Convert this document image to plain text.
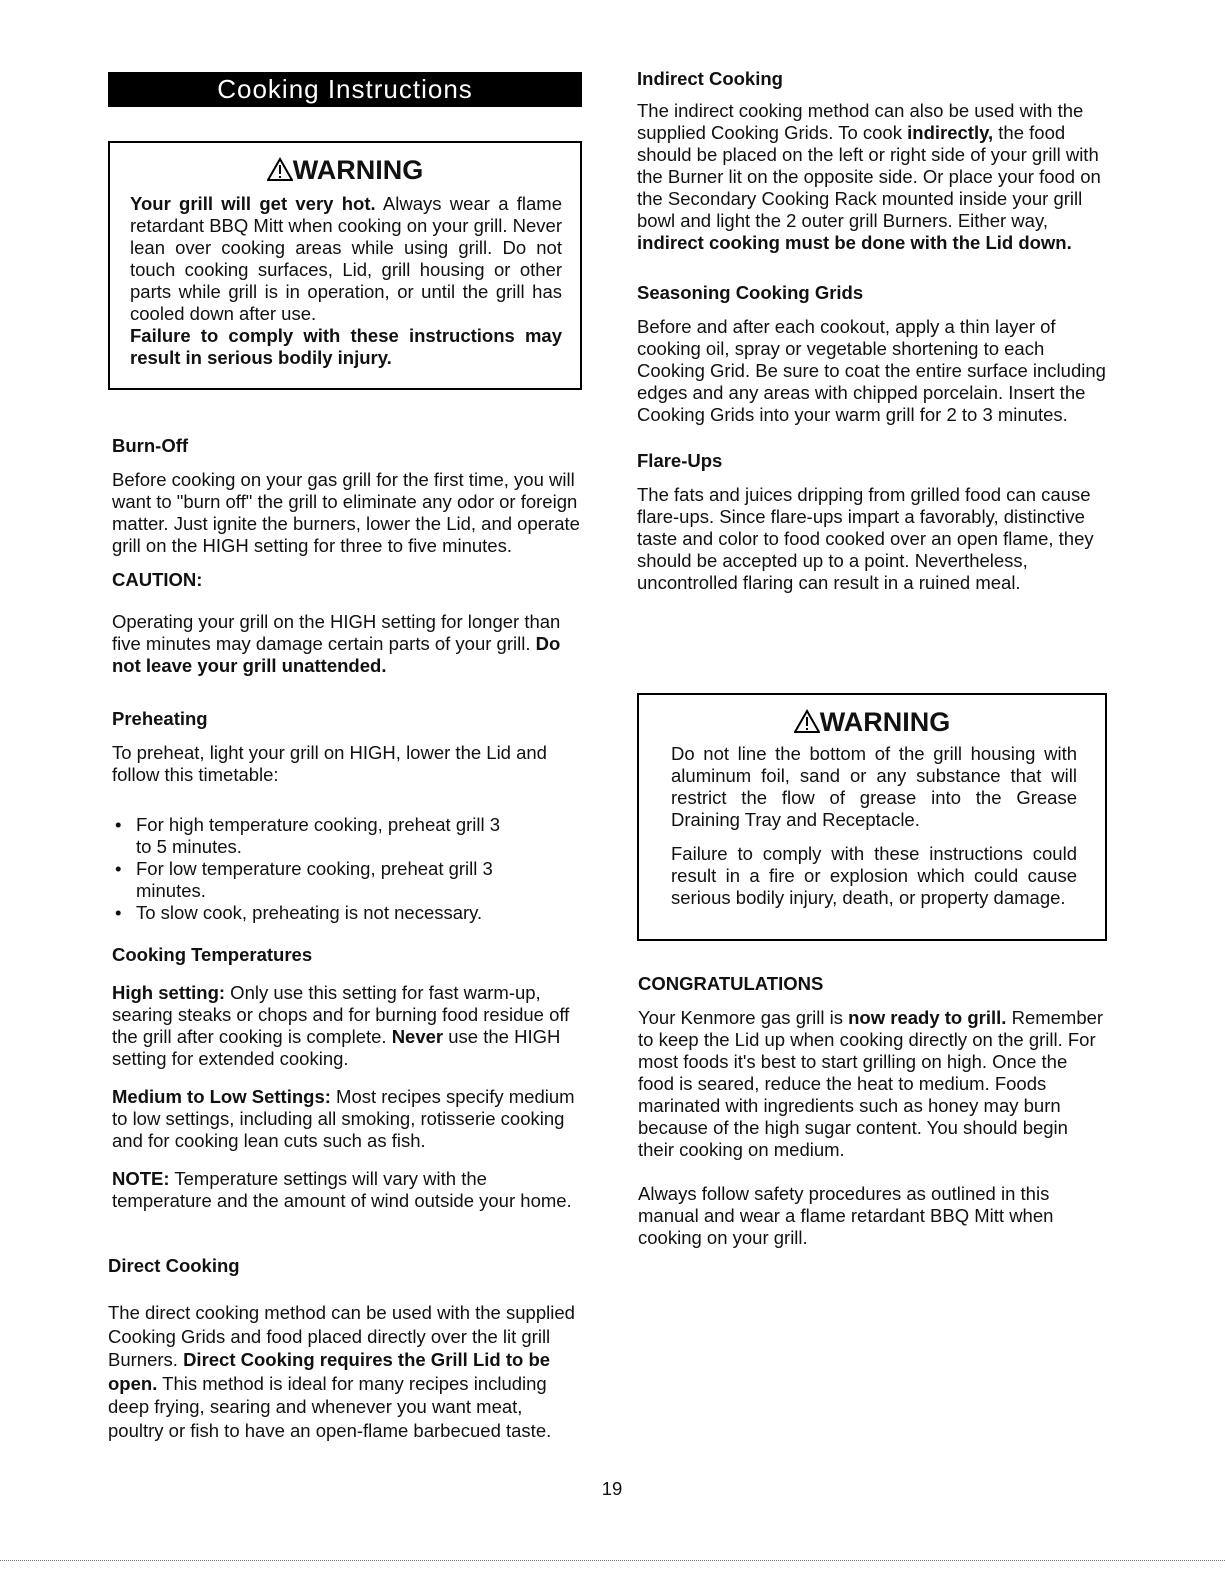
Cooking Instructions
WARNING
Your grill will get very hot. Always wear a flame retardant BBQ Mitt when cooking on your grill. Never lean over cooking areas while using grill. Do not touch cooking surfaces, Lid, grill housing or other parts while grill is in operation, or until the grill has cooled down after use.
Failure to comply with these instructions may result in serious bodily injury.

Burn-Off

Before cooking on your gas grill for the first time, you will want to "burn off" the grill to eliminate any odor or foreign matter. Just ignite the burners, lower the Lid, and operate grill on the HIGH setting for three to five minutes.

CAUTION:

Operating your grill on the HIGH setting for longer than five minutes may damage certain parts of your grill. Do not leave your grill unattended.

Preheating

To preheat, light your grill on HIGH, lower the Lid and follow this timetable:

• For high temperature cooking, preheat grill 3 to 5 minutes.
• For low temperature cooking, preheat grill 3 minutes.
• To slow cook, preheating is not necessary.

Cooking Temperatures

High setting: Only use this setting for fast warm-up, searing steaks or chops and for burning food residue off the grill after cooking is complete. Never use the HIGH setting for extended cooking.

Medium to Low Settings: Most recipes specify medium to low settings, including all smoking, rotisserie cooking and for cooking lean cuts such as fish.

NOTE: Temperature settings will vary with the temperature and the amount of wind outside your home.

Direct Cooking

The direct cooking method can be used with the supplied Cooking Grids and food placed directly over the lit grill Burners. Direct Cooking requires the Grill Lid to be open. This method is ideal for many recipes including deep frying, searing and whenever you want meat, poultry or fish to have an open-flame barbecued taste.

Indirect Cooking

The indirect cooking method can also be used with the supplied Cooking Grids. To cook indirectly, the food should be placed on the left or right side of your grill with the Burner lit on the opposite side. Or place your food on the Secondary Cooking Rack mounted inside your grill bowl and light the 2 outer grill Burners. Either way, indirect cooking must be done with the Lid down.

Seasoning Cooking Grids

Before and after each cookout, apply a thin layer of cooking oil, spray or vegetable shortening to each Cooking Grid. Be sure to coat the entire surface including edges and any areas with chipped porcelain. Insert the Cooking Grids into your warm grill for 2 to 3 minutes.

Flare-Ups

The fats and juices dripping from grilled food can cause flare-ups. Since flare-ups impart a favorably, distinctive taste and color to food cooked over an open flame, they should be accepted up to a point. Nevertheless, uncontrolled flaring can result in a ruined meal.

WARNING

Do not line the bottom of the grill housing with aluminum foil, sand or any substance that will restrict the flow of grease into the Grease Draining Tray and Receptacle.

Failure to comply with these instructions could result in a fire or explosion which could cause serious bodily injury, death, or property damage.

CONGRATULATIONS

Your Kenmore gas grill is now ready to grill. Remember to keep the Lid up when cooking directly on the grill. For most foods it's best to start grilling on high. Once the food is seared, reduce the heat to medium. Foods marinated with ingredients such as honey may burn because of the high sugar content. You should begin their cooking on medium.

Always follow safety procedures as outlined in this manual and wear a flame retardant BBQ Mitt when cooking on your grill.

19
